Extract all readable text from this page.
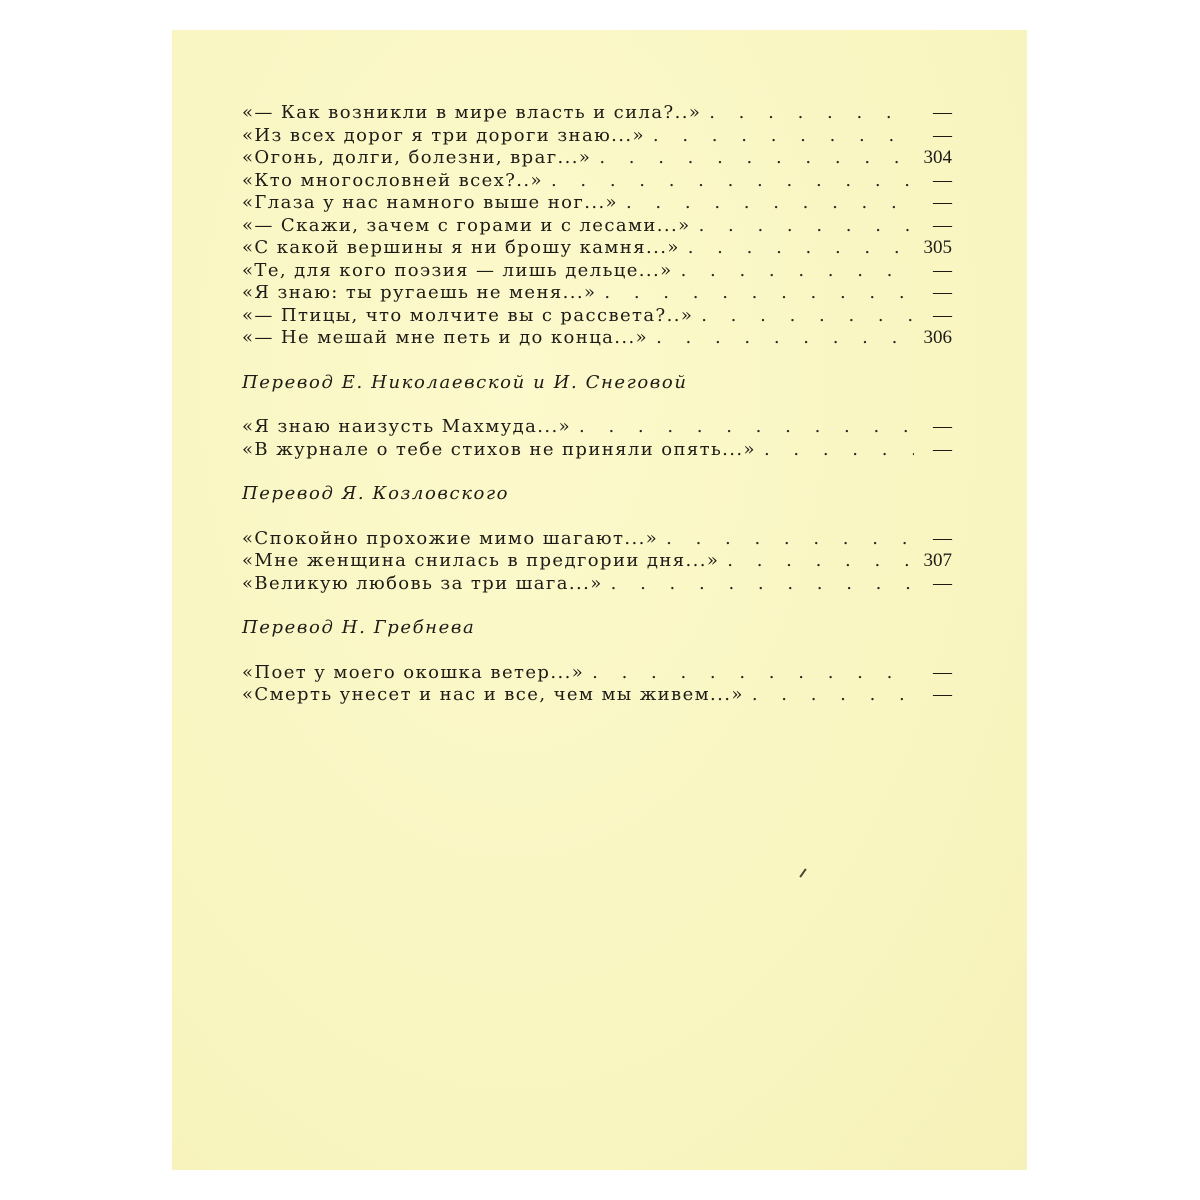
«— Как возникли в мире власть и сила?..» . . .	—
«Из всех дорог я три дороги знаю...» . . .	—
«Огонь, долги, болезни, враг...» . . .	304
«Кто многословней всех?..» . . .	—
«Глаза у нас намного выше ног...» . . .	—
«— Скажи, зачем с горами и с лесами...» . . .	—
«С какой вершины я ни брошу камня...» . . .	305
«Те, для кого поэзия — лишь дельце...» . . .	—
«Я знаю: ты ругаешь не меня...» . . .	—
«— Птицы, что молчите вы с рассвета?..» . . .	—
«— Не мешай мне петь и до конца...» . . .	306
Перевод Е. Николаевской и И. Снеговой
«Я знаю наизусть Махмуда...» . . .	—
«В журнале о тебе стихов не приняли опять...» . . .	—
Перевод Я. Козловского
«Спокойно прохожие мимо шагают...» . . .	—
«Мне женщина снилась в предгории дня...» . . .	307
«Великую любовь за три шага...» . . .	—
Перевод Н. Гребнева
«Поет у моего окошка ветер...» . . .	—
«Смерть унесет и нас и все, чем мы живем...» . . .	—
